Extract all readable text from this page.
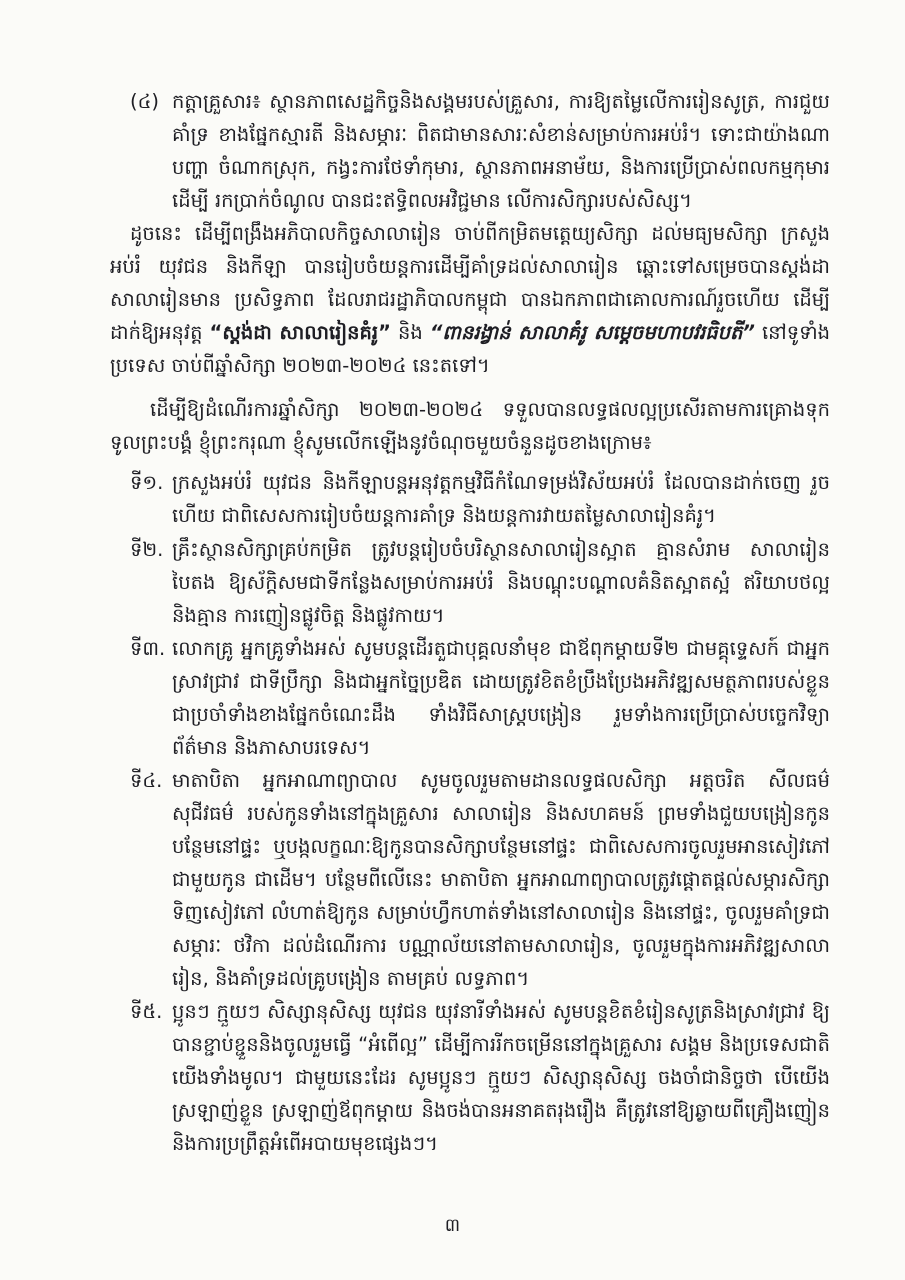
(៤) កត្តាគ្រួសារ៖ ស្ថានភាពសេដ្ឋកិច្ចនិងសង្គមរបស់គ្រួសារ, ការឱ្យតម្លៃលើការរៀនសូត្រ, ការជួយគាំទ្រ ខាងផ្នែកស្មារតី និងសម្ភារៈ ពិតជាមានសារៈសំខាន់សម្រាប់ការអប់រំ។ ទោះជាយ៉ាងណា បញ្ហា ចំណាកស្រុក, កង្វះការថែទាំកុមារ, ស្ថានភាពអនាម័យ, និងការប្រើប្រាស់ពលកម្មកុមារ ដើម្បី រកប្រាក់ចំណូល បានជះឥទ្ធិពលអវិជ្ជមាន លើការសិក្សារបស់សិស្ស។
ដូចនេះ ដើម្បីពង្រឹងអភិបាលកិច្ចសាលារៀន ចាប់ពីកម្រិតមត្តេយ្យសិក្សា ដល់មធ្យមសិក្សា ក្រសួងអប់រំ យុវជន និងកីឡា បានរៀបចំយន្តការដើម្បីគាំទ្រដល់សាលារៀន ឆ្ពោះទៅសម្រេចបានស្តង់ដាសាលារៀនមាន ប្រសិទ្ធភាព ដែលរាជរដ្ឋាភិបាលកម្ពុជា បានឯកភាពជាគោលការណ៍រួចហើយ ដើម្បីដាក់ឱ្យអនុវត្ត “ស្តង់ដា សាលារៀនគំរូ” និង “ពានរង្វាន់ សាលាគំរូ សម្តេចមហាបវរធិបតី” នៅទូទាំងប្រទេស ចាប់ពីឆ្នាំសិក្សា ២០២៣-២០២៤ នេះតទៅ។
ដើម្បីឱ្យដំណើរការឆ្នាំសិក្សា ២០២៣-២០២៤ ទទួលបានលទ្ធផលល្អប្រសើរតាមការគ្រោងទុក ទូលព្រះបង្គំ ខ្ញុំព្រះករុណា ខ្ញុំសូមលើកឡើងនូវចំណុចមួយចំនួនដូចខាងក្រោម៖
ទី១. ក្រសួងអប់រំ យុវជន និងកីឡាបន្តអនុវត្តកម្មវិធីកំណែទម្រង់វិស័យអប់រំ ដែលបានដាក់ចេញ រួចហើយ ជាពិសេសការរៀបចំយន្តការគាំទ្រ និងយន្តការវាយតម្លៃសាលារៀនគំរូ។
ទី២. គ្រឹះស្ថានសិក្សាគ្រប់កម្រិត ត្រូវបន្តរៀបចំបរិស្ថានសាលារៀនស្អាត គ្មានសំរាម សាលារៀនបៃតង ឱ្យស័ក្តិសមជាទីកន្លែងសម្រាប់ការអប់រំ និងបណ្តុះបណ្តាលគំនិតស្អាតស្អំ ឥរិយាបថល្អ និងគ្មាន ការញៀនផ្លូវចិត្ត និងផ្លូវកាយ។
ទី៣. លោកគ្រូ អ្នកគ្រូទាំងអស់ សូមបន្តដើរតួជាបុគ្គលនាំមុខ ជាឪពុកម្តាយទី២ ជាមគ្គុទ្ទេសក៍ ជាអ្នក ស្រាវជ្រាវ ជាទីប្រឹក្សា និងជាអ្នកច្នៃប្រឌិត ដោយត្រូវខិតខំប្រឹងប្រែងអភិវឌ្ឍសមត្ថភាពរបស់ខ្លួន ជាប្រចាំទាំងខាងផ្នែកចំណេះដឹង ទាំងវិធីសាស្ត្របង្រៀន រួមទាំងការប្រើប្រាស់បច្ចេកវិទ្យាព័ត៌មាន និងភាសាបរទេស។
ទី៤. មាតាបិតា អ្នកអាណាព្យាបាល សូមចូលរួមតាមដានលទ្ធផលសិក្សា អត្តចរិត សីលធម៌ សុជីវធម៌ របស់កូនទាំងនៅក្នុងគ្រួសារ សាលារៀន និងសហគមន៍ ព្រមទាំងជួយបង្រៀនកូនបន្ថែមនៅផ្ទះ ឬបង្កលក្ខណៈឱ្យកូនបានសិក្សាបន្ថែមនៅផ្ទះ ជាពិសេសការចូលរួមអានសៀវភៅជាមួយកូន ជាដើម។ បន្ថែមពីលើនេះ មាតាបិតា អ្នកអាណាព្យាបាលត្រូវផ្តោតផ្តល់សម្ភារសិក្សា ទិញសៀវភៅ លំហាត់ឱ្យកូន សម្រាប់ហ្វឹកហាត់ទាំងនៅសាលារៀន និងនៅផ្ទះ, ចូលរួមគាំទ្រជាសម្ភារៈ ថវិកា ដល់ដំណើរការ បណ្ណាល័យនៅតាមសាលារៀន, ចូលរួមក្នុងការអភិវឌ្ឍសាលារៀន, និងគាំទ្រដល់គ្រូបង្រៀន តាមគ្រប់ លទ្ធភាព។
ទី៥. ប្អូនៗ ក្មួយៗ សិស្សានុសិស្ស យុវជន យុវនារីទាំងអស់ សូមបន្តខិតខំរៀនសូត្រនិងស្រាវជ្រាវ ឱ្យបានខ្ជាប់ខ្ជួននិងចូលរួមធ្វើ “អំពើល្អ” ដើម្បីការរីកចម្រើននៅក្នុងគ្រួសារ សង្គម និងប្រទេសជាតិ យើងទាំងមូល។ ជាមួយនេះដែរ សូមប្អូនៗ ក្មួយៗ សិស្សានុសិស្ស ចងចាំជានិច្ចថា បើយើង ស្រឡាញ់ខ្លួន ស្រឡាញ់ឪពុកម្តាយ និងចង់បានអនាគតរុងរឿង គឺត្រូវនៅឱ្យឆ្ងាយពីគ្រឿងញៀន និងការប្រព្រឹត្តអំពើអបាយមុខផ្សេងៗ។
៣
